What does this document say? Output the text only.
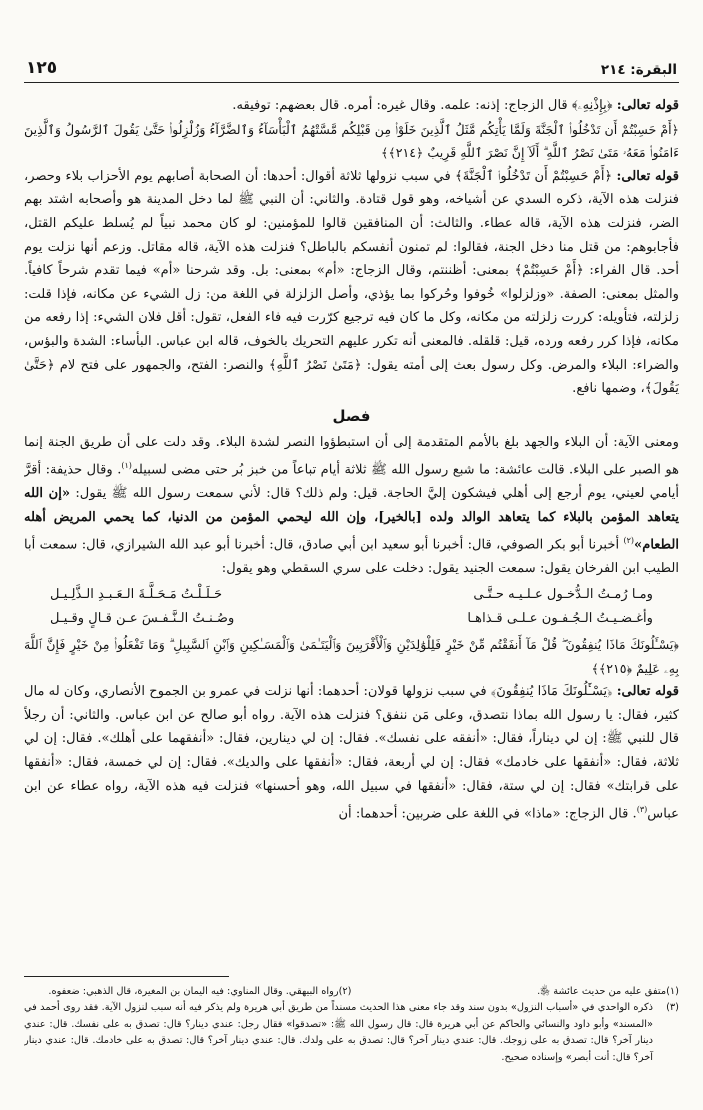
البقرة: ٢١٤
١٢٥

قوله تعالى: ﴿بِإِذْنِهِۦ﴾ قال الزجاج: إذنه: علمه. وقال غيره: أمره. قال بعضهم: توفيقه.

﴿أَمْ حَسِبْتُمْ أَن تَدْخُلُوا۟ ٱلْجَنَّةَ وَلَمَّا يَأْتِكُم مَّثَلُ ٱلَّذِينَ خَلَوْا۟ مِن قَبْلِكُم مَّسَّتْهُمُ ٱلْبَأْسَآءُ وَٱلضَّرَّآءُ وَزُلْزِلُوا۟ حَتَّىٰ يَقُولَ ٱلرَّسُولُ وَٱلَّذِينَ ءَامَنُوا۟ مَعَهُۥ مَتَىٰ نَصْرُ ٱللَّهِ ۗ أَلَآ إِنَّ نَصْرَ ٱللَّهِ قَرِيبٌ ﴿٢١٤﴾﴾

قوله تعالى: ﴿أَمْ حَسِبْتُمْ أَن تَدْخُلُوا۟ ٱلْجَنَّةَ﴾ في سبب نزولها ثلاثة أقوال: أحدها: أن الصحابة أصابهم يوم الأحزاب بلاء وحصر، فنزلت هذه الآية، ذكره السدي عن أشياخه، وهو قول قتادة. والثاني: أن النبي ﷺ لما دخل المدينة هو وأصحابه اشتد بهم الضر، فنزلت هذه الآية، قاله عطاء. والثالث: أن المنافقين قالوا للمؤمنين: لو كان محمد نبياً لم يُسلط عليكم القتل، فأجابوهم: من قتل منا دخل الجنة، فقالوا: لم تمنون أنفسكم بالباطل؟ فنزلت هذه الآية، قاله مقاتل. وزعم أنها نزلت يوم أحد. قال الفراء: ﴿أَمْ حَسِبْتُمْ﴾ بمعنى: أظننتم، وقال الزجاج: «أم» بمعنى: بل. وقد شرحنا «أم» فيما تقدم شرحاً كافياً. والمثل بمعنى: الصفة. «وزلزلوا» خُوفوا وحُركوا بما يؤذي، وأصل الزلزلة في اللغة من: زل الشيء عن مكانه، فإذا قلت: زلزلته، فتأويله: كررت زلزلته من مكانه، وكل ما كان فيه ترجيع كرّرت فيه فاء الفعل، تقول: أقل فلان الشيء: إذا رفعه من مكانه، فإذا كرر رفعه ورده، قيل: قلقله. فالمعنى أنه تكرر عليهم التحريك بالخوف، قاله ابن عباس. البأساء: الشدة والبؤس، والضراء: البلاء والمرض. وكل رسول بعث إلى أمته يقول: ﴿مَتَىٰ نَصْرُ ٱللَّهِ﴾ والنصر: الفتح، والجمهور على فتح لام ﴿حَتَّىٰ يَقُولَ﴾، وضمها نافع.

فصل

ومعنى الآية: أن البلاء والجهد بلغ بالأمم المتقدمة إلى أن استبطؤوا النصر لشدة البلاء. وقد دلت على أن طريق الجنة إنما هو الصبر على البلاء. قالت عائشة: ما شبع رسول الله ﷺ ثلاثة أيام تباعاً من خبز بُر حتى مضى لسبيله$^{(١)}$. وقال حذيفة: أقرَّ أيامي لعيني، يوم أرجع إلى أهلي فيشكون إليَّ الحاجة. قيل: ولم ذلك؟ قال: لأني سمعت رسول الله ﷺ يقول: «إن الله يتعاهد المؤمن بالبلاء كما يتعاهد الوالد ولده [بالخير]، وإن الله ليحمي المؤمن من الدنيا، كما يحمي المريض أهله الطعام»$^{(٢)}$ أخبرنا أبو بكر الصوفي، قال: أخبرنا أبو سعيد ابن أبي صادق، قال: أخبرنا أبو عبد الله الشيرازي، قال: سمعت أبا الطيب ابن الفرخان يقول: سمعت الجنيد يقول: دخلت على سري السقطي وهو يقول:

ومـا رُمـتُ الـدُّخـول عـلـيـه حـتَّـى
حَـلَـلْـتُ مَـحَـلَّـةَ الـعَـبـدِ الـذَّلِـيـل
وأغـضـيـتُ الـجُـفـون عـلـى قـذاهـا
وصُـنـتُ الـنَّـفـسَ عـن قـالٍ وقـيـل

﴿يَسْـَٔلُونَكَ مَاذَا يُنفِقُونَ ۖ قُلْ مَآ أَنفَقْتُم مِّنْ خَيْرٍ فَلِلْوَٰلِدَيْنِ وَٱلْأَقْرَبِينَ وَٱلْيَتَـٰمَىٰ وَٱلْمَسَـٰكِينِ وَٱبْنِ ٱلسَّبِيلِ ۗ وَمَا تَفْعَلُوا۟ مِنْ خَيْرٍ فَإِنَّ ٱللَّهَ بِهِۦ عَلِيمٌ ﴿٢١٥﴾﴾

قوله تعالى: ﴿يَسْـَٔلُونَكَ مَاذَا يُنفِقُونَ﴾ في سبب نزولها قولان: أحدهما: أنها نزلت في عمرو بن الجموح الأنصاري، وكان له مال كثير، فقال: يا رسول الله بماذا نتصدق، وعلى مَن ننفق؟ فنزلت هذه الآية. رواه أبو صالح عن ابن عباس. والثاني: أن رجلاً قال للنبي ﷺ: إن لي ديناراً، فقال: «أنفقه على نفسك». فقال: إن لي دينارين، فقال: «أنفقهما على أهلك». فقال: إن لي ثلاثة، فقال: «أنفقها على خادمك» فقال: إن لي أربعة، فقال: «أنفقها على والديك». فقال: إن لي خمسة، فقال: «أنفقها على قرابتك» فقال: إن لي ستة، فقال: «أنفقها في سبيل الله، وهو أحسنها» فنزلت فيه هذه الآية، رواه عطاء عن ابن عباس$^{(٣)}$. قال الزجاج: «ماذا» في اللغة على ضربين: أحدهما: أن

(١)
متفق عليه من حديث عائشة ﵂.
(٢)
رواه البيهقي. وقال المناوي: فيه اليمان بن المغيرة، قال الذهبي: ضعفوه.
(٣)
ذكره الواحدي في «أسباب النزول» بدون سند وقد جاء معنى هذا الحديث مسنداً من طريق أبي هريرة ولم يذكر فيه أنه سبب لنزول الآية. فقد روى أحمد في «المسند» وأبو داود والنسائي والحاكم عن أبي هريرة قال: قال رسول الله ﷺ: «تصدقوا» فقال رجل: عندي دينار؟ قال: تصدق به على نفسك. قال: عندي دينار آخر؟ قال: تصدق به على زوجك. قال: عندي دينار آخر؟ قال: تصدق به على ولدك. قال: عندي دينار آخر؟ قال: تصدق به على خادمك. قال: عندي دينار آخر؟ قال: أنت أبصر» وإسناده صحيح.
